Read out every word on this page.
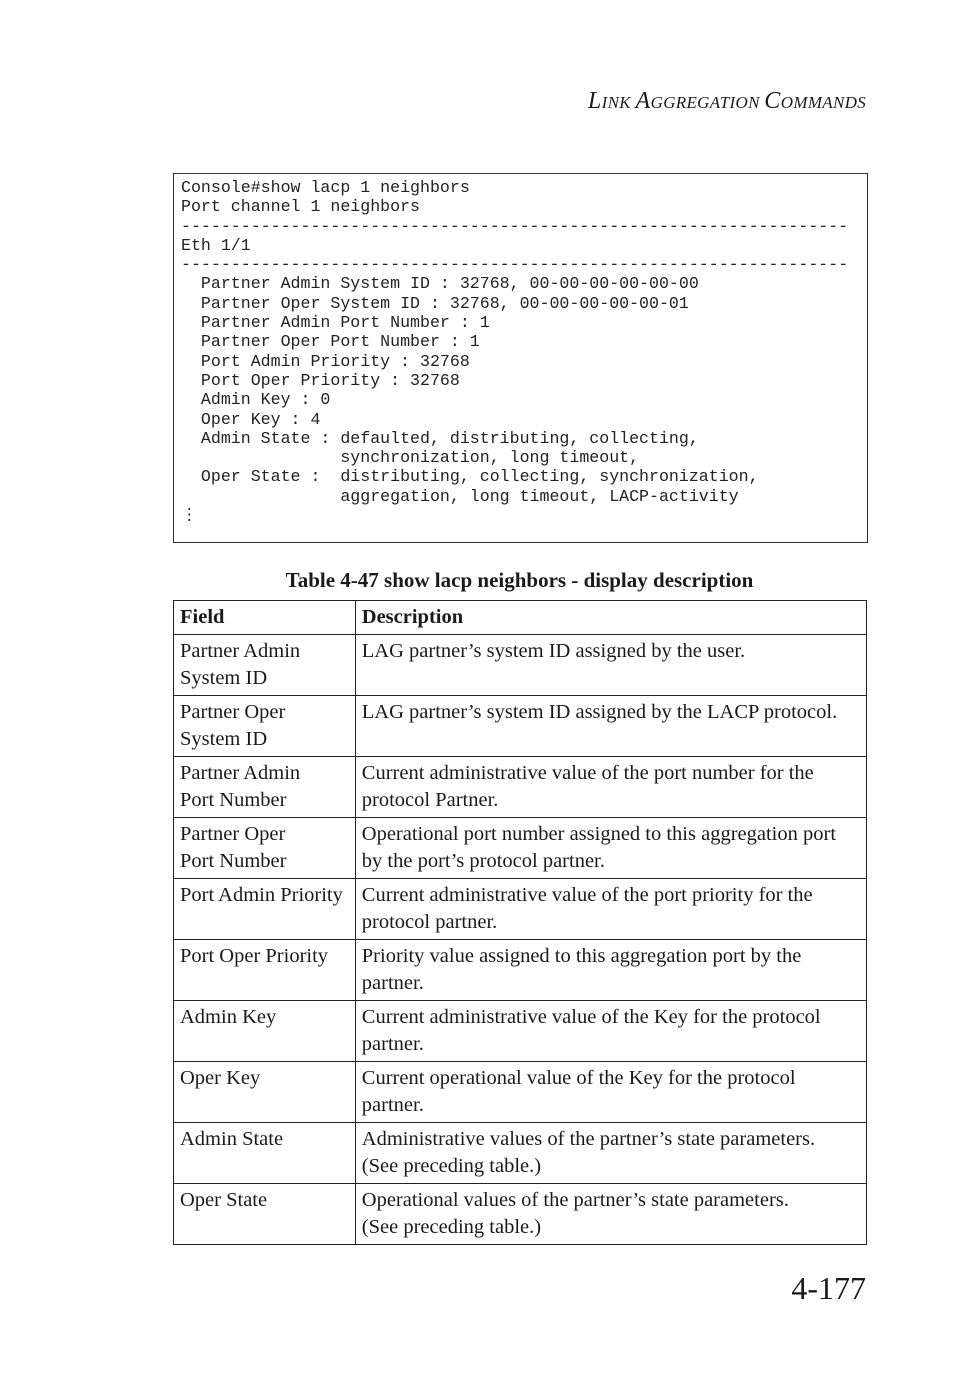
LINK AGGREGATION COMMANDS
Console#show lacp 1 neighbors
Port channel 1 neighbors
-------------------------------------------------------------------
Eth 1/1
-------------------------------------------------------------------
Partner Admin System ID : 32768, 00-00-00-00-00-00
Partner Oper System ID : 32768, 00-00-00-00-00-01
Partner Admin Port Number : 1
Partner Oper Port Number : 1
Port Admin Priority : 32768
Port Oper Priority : 32768
Admin Key : 0
Oper Key : 4
Admin State : defaulted, distributing, collecting,
synchronization, long timeout,
Oper State :  distributing, collecting, synchronization,
aggregation, long timeout, LACP-activity
⋮

Table 4-47 show lacp neighbors - display description
Field	Description
Partner Admin
System ID	LAG partner’s system ID assigned by the user.
Partner Oper
System ID	LAG partner’s system ID assigned by the LACP protocol.
Partner Admin
Port Number	Current administrative value of the port number for the
protocol Partner.
Partner Oper
Port Number	Operational port number assigned to this aggregation port
by the port’s protocol partner.
Port Admin Priority	Current administrative value of the port priority for the
protocol partner.
Port Oper Priority	Priority value assigned to this aggregation port by the
partner.
Admin Key	Current administrative value of the Key for the protocol
partner.
Oper Key	Current operational value of the Key for the protocol
partner.
Admin State	Administrative values of the partner’s state parameters.
(See preceding table.)
Oper State	Operational values of the partner’s state parameters.
(See preceding table.)
4-177
